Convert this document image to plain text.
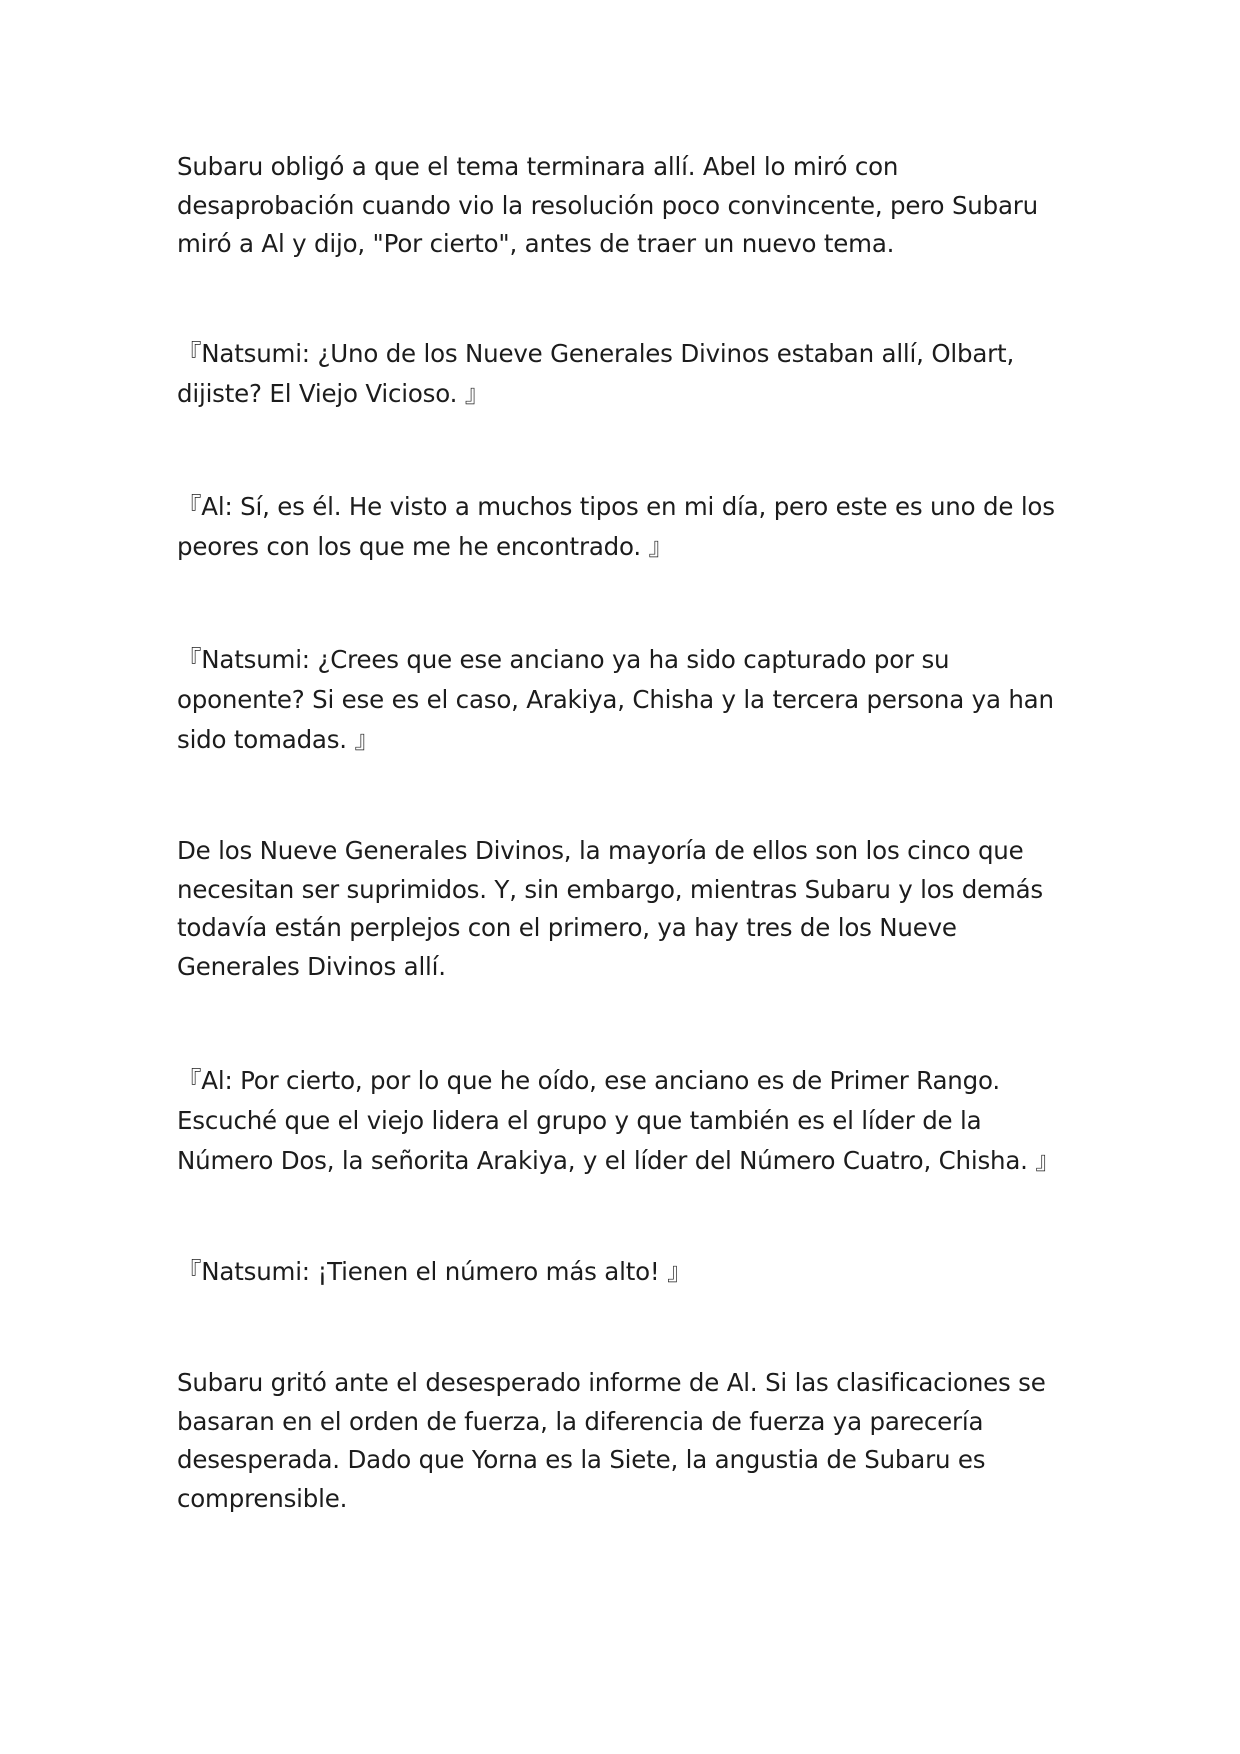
Subaru obligó a que el tema terminara allí. Abel lo miró con desaprobación cuando vio la resolución poco convincente, pero Subaru miró a Al y dijo, "Por cierto", antes de traer un nuevo tema.

『Natsumi: ¿Uno de los Nueve Generales Divinos estaban allí, Olbart, dijiste? El Viejo Vicioso. 』

『Al: Sí, es él. He visto a muchos tipos en mi día, pero este es uno de los peores con los que me he encontrado. 』

『Natsumi: ¿Crees que ese anciano ya ha sido capturado por su oponente? Si ese es el caso, Arakiya, Chisha y la tercera persona ya han sido tomadas. 』

De los Nueve Generales Divinos, la mayoría de ellos son los cinco que necesitan ser suprimidos. Y, sin embargo, mientras Subaru y los demás todavía están perplejos con el primero, ya hay tres de los Nueve Generales Divinos allí.

『Al: Por cierto, por lo que he oído, ese anciano es de Primer Rango. Escuché que el viejo lidera el grupo y que también es el líder de la Número Dos, la señorita Arakiya, y el líder del Número Cuatro, Chisha. 』

『Natsumi: ¡Tienen el número más alto! 』

Subaru gritó ante el desesperado informe de Al. Si las clasificaciones se basaran en el orden de fuerza, la diferencia de fuerza ya parecería desesperada. Dado que Yorna es la Siete, la angustia de Subaru es comprensible.
